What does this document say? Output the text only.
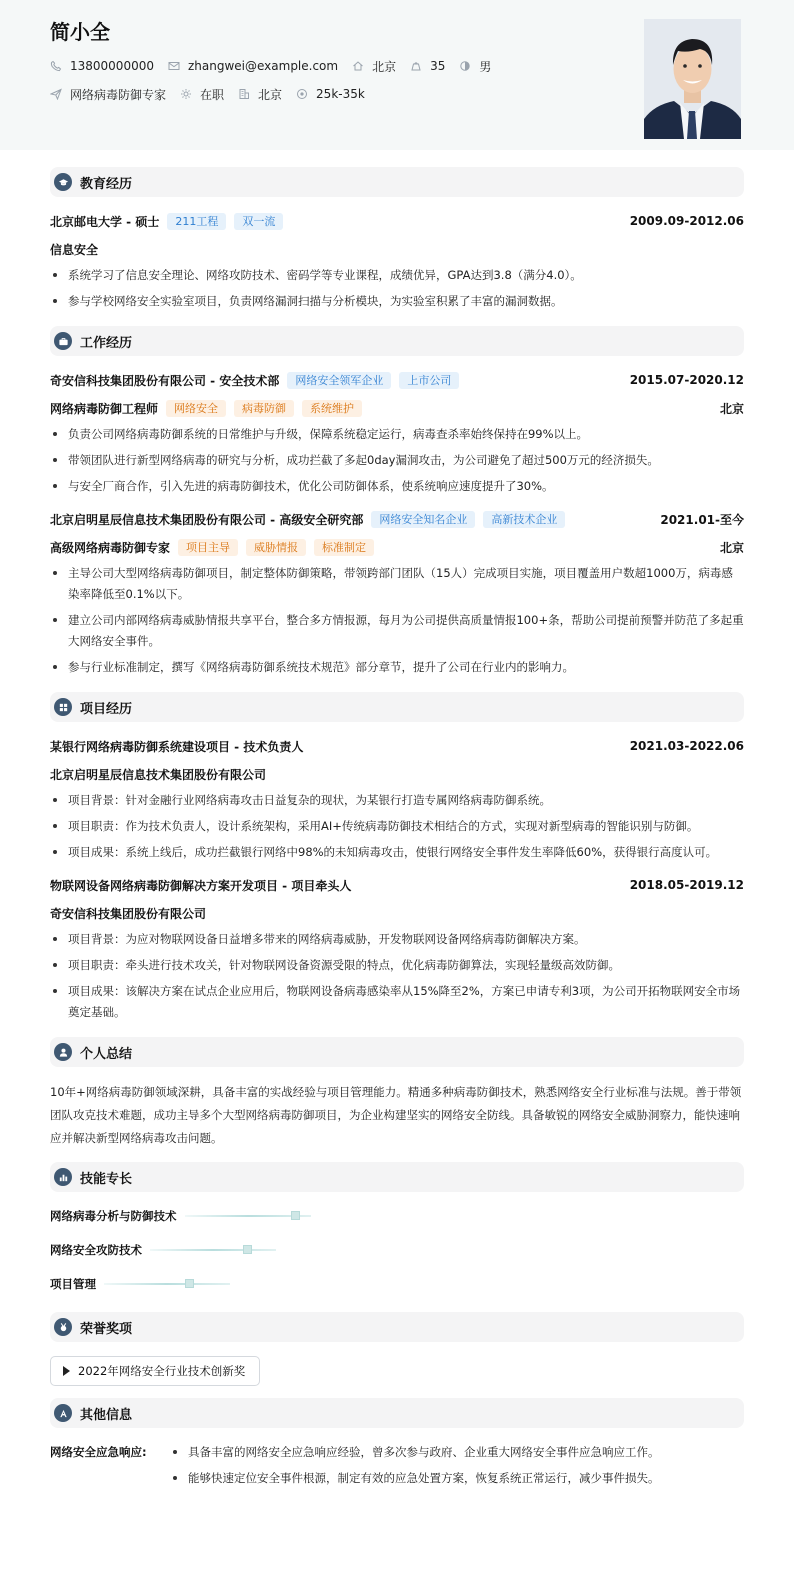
简小全
13800000000	zhangwei@example.com	北京	35	男
网络病毒防御专家	在职	北京	25k-35k
教育经历
北京邮电大学 - 硕士	211工程	双一流	2009.09-2012.06
信息安全
系统学习了信息安全理论、网络攻防技术、密码学等专业课程，成绩优异，GPA达到3.8（满分4.0）。
参与学校网络安全实验室项目，负责网络漏洞扫描与分析模块，为实验室积累了丰富的漏洞数据。
工作经历
奇安信科技集团股份有限公司 - 安全技术部	网络安全领军企业	上市公司	2015.07-2020.12
网络病毒防御工程师	网络安全	病毒防御	系统维护	北京
负责公司网络病毒防御系统的日常维护与升级，保障系统稳定运行，病毒查杀率始终保持在99%以上。
带领团队进行新型网络病毒的研究与分析，成功拦截了多起0day漏洞攻击，为公司避免了超过500万元的经济损失。
与安全厂商合作，引入先进的病毒防御技术，优化公司防御体系，使系统响应速度提升了30%。
北京启明星辰信息技术集团股份有限公司 - 高级安全研究部	网络安全知名企业	高新技术企业	2021.01-至今
高级网络病毒防御专家	项目主导	威胁情报	标准制定	北京
主导公司大型网络病毒防御项目，制定整体防御策略，带领跨部门团队（15人）完成项目实施，项目覆盖用户数超1000万，病毒感染率降低至0.1%以下。
建立公司内部网络病毒威胁情报共享平台，整合多方情报源，每月为公司提供高质量情报100+条，帮助公司提前预警并防范了多起重大网络安全事件。
参与行业标准制定，撰写《网络病毒防御系统技术规范》部分章节，提升了公司在行业内的影响力。
项目经历
某银行网络病毒防御系统建设项目 - 技术负责人	2021.03-2022.06
北京启明星辰信息技术集团股份有限公司
项目背景：针对金融行业网络病毒攻击日益复杂的现状，为某银行打造专属网络病毒防御系统。
项目职责：作为技术负责人，设计系统架构，采用AI+传统病毒防御技术相结合的方式，实现对新型病毒的智能识别与防御。
项目成果：系统上线后，成功拦截银行网络中98%的未知病毒攻击，使银行网络安全事件发生率降低60%，获得银行高度认可。
物联网设备网络病毒防御解决方案开发项目 - 项目牵头人	2018.05-2019.12
奇安信科技集团股份有限公司
项目背景：为应对物联网设备日益增多带来的网络病毒威胁，开发物联网设备网络病毒防御解决方案。
项目职责：牵头进行技术攻关，针对物联网设备资源受限的特点，优化病毒防御算法，实现轻量级高效防御。
项目成果：该解决方案在试点企业应用后，物联网设备病毒感染率从15%降至2%，方案已申请专利3项，为公司开拓物联网安全市场奠定基础。
个人总结
10年+网络病毒防御领域深耕，具备丰富的实战经验与项目管理能力。精通多种病毒防御技术，熟悉网络安全行业标准与法规。善于带领团队攻克技术难题，成功主导多个大型网络病毒防御项目，为企业构建坚实的网络安全防线。具备敏锐的网络安全威胁洞察力，能快速响应并解决新型网络病毒攻击问题。
技能专长
网络病毒分析与防御技术
网络安全攻防技术
项目管理
荣誉奖项
2022年网络安全行业技术创新奖
其他信息
网络安全应急响应:	具备丰富的网络安全应急响应经验，曾多次参与政府、企业重大网络安全事件应急响应工作。
能够快速定位安全事件根源，制定有效的应急处置方案，恢复系统正常运行，减少事件损失。
